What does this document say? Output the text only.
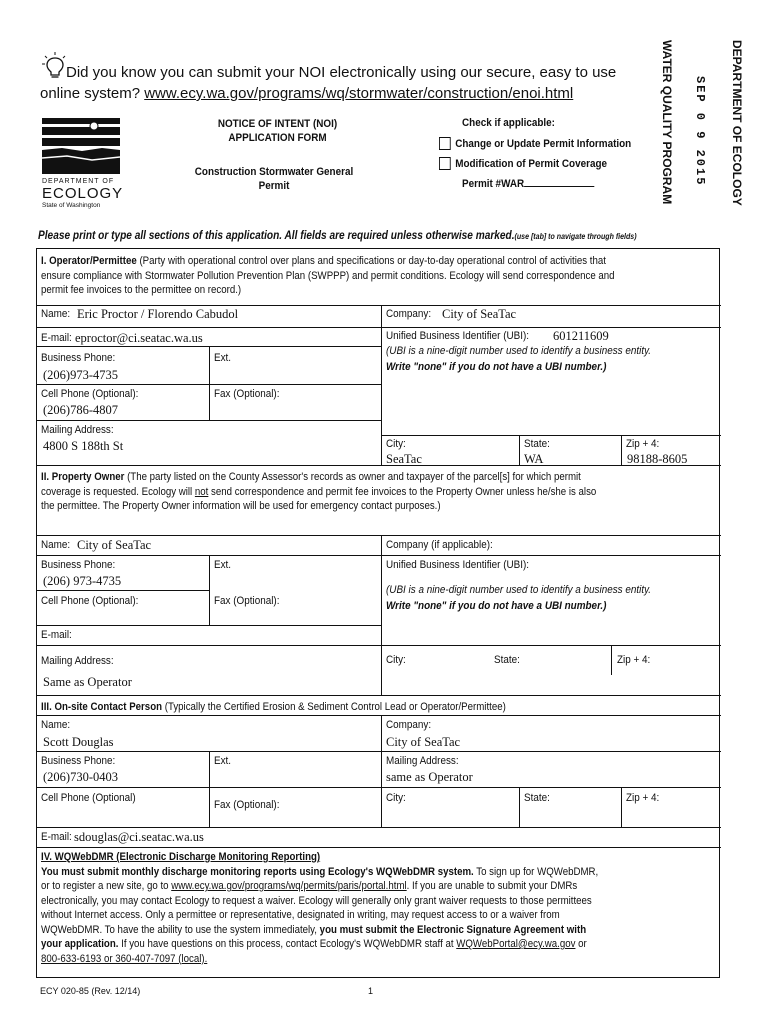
Did you know you can submit your NOI electronically using our secure, easy to use
online system? www.ecy.wa.gov/programs/wq/stormwater/construction/enoi.html
DEPARTMENT OF
ECOLOGY
State of Washington
NOTICE OF INTENT (NOI)
APPLICATION FORM
Construction Stormwater General
Permit
Check if applicable:
Change or Update Permit Information
Modification of Permit Coverage
Permit #WAR	WATER QUALITY PROGRAM SEP 0 9 2015 DEPARTMENT OF ECOLOGY
Please print or type all sections of this application. All fields are required unless otherwise marked.(use [tab] to navigate through fields)
I. Operator/Permittee (Party with operational control over plans and specifications or day-to-day operational control of activities that
ensure compliance with Stormwater Pollution Prevention Plan (SWPPP) and permit conditions. Ecology will send correspondence and
permit fee invoices to the permittee on record.)
Name: Eric Proctor / Florendo Cabudol	Company: City of SeaTac
E-mail: eproctor@ci.seatac.wa.us	Unified Business Identifier (UBI): 601211609
(UBI is a nine-digit number used to identify a business entity.
Write "none" if you do not have a UBI number.)
Business Phone:
(206)973-4735
Ext.
Cell Phone (Optional):
(206)786-4807
Fax (Optional):
Mailing Address:
4800 S 188th St	City:
SeaTac
State:
WA
Zip + 4:
98188-8605
II. Property Owner (The party listed on the County Assessor's records as owner and taxpayer of the parcel[s] for which permit
coverage is requested. Ecology will not send correspondence and permit fee invoices to the Property Owner unless he/she is also
the permittee. The Property Owner information will be used for emergency contact purposes.)
Name: City of SeaTac	Company (if applicable):
Business Phone:
(206) 973-4735
Ext.	Unified Business Identifier (UBI):
(UBI is a nine-digit number used to identify a business entity.
Write "none" if you do not have a UBI number.)
Cell Phone (Optional):	Fax (Optional):
E-mail:
Mailing Address:
Same as Operator
City:	State:	Zip + 4:
III. On-site Contact Person (Typically the Certified Erosion & Sediment Control Lead or Operator/Permittee)
Name:
Scott Douglas
Company:
City of SeaTac
Business Phone:
(206)730-0403
Ext.	Mailing Address:
same as Operator
Cell Phone (Optional)
Fax (Optional):
City:	State:	Zip + 4:
E-mail: sdouglas@ci.seatac.wa.us
IV. WQWebDMR (Electronic Discharge Monitoring Reporting)
You must submit monthly discharge monitoring reports using Ecology's WQWebDMR system. To sign up for WQWebDMR,
or to register a new site, go to www.ecy.wa.gov/programs/wq/permits/paris/portal.html. If you are unable to submit your DMRs
electronically, you may contact Ecology to request a waiver. Ecology will generally only grant waiver requests to those permittees
without Internet access. Only a permittee or representative, designated in writing, may request access to or a waiver from
WQWebDMR. To have the ability to use the system immediately, you must submit the Electronic Signature Agreement with
your application. If you have questions on this process, contact Ecology's WQWebDMR staff at WQWebPortal@ecy.wa.gov or
800-633-6193 or 360-407-7097 (local).
ECY 020-85 (Rev. 12/14)	1
